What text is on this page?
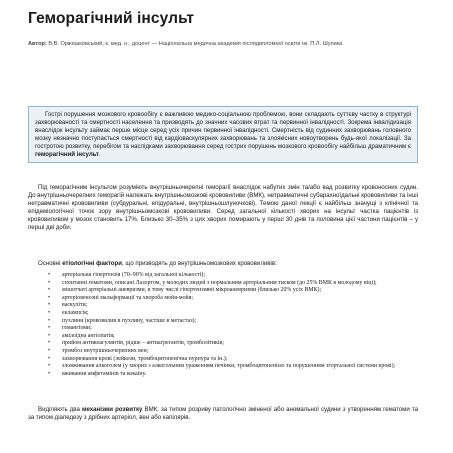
Геморагічний інсульт
Автор: В.В. Оржешковський, к. мед. н., доцент — Національна медична академія післядипломної освіти ім. П.Л. Шупика

Гострі порушення мозкового кровообігу є важливою медико-соціальною проблемою, вони складають суттєву частку в структурі захворюваності та смертності населення та призводять до значних часових втрат та первинної інвалідності. Зокрема інвалідизація внаслідок інсульту займає перше місце серед усіх причин первинної інвалідності. Смертність від судинних захворювань головного мозку незначно поступається смертності від кардіоваскулярних захворювань та злоякісних новоутворень будь-якої локалізації. За гостротою розвитку, перебігом та наслідками захворювання серед гострих порушень мозкового кровообігу найбільш драматичним є геморагічний інсульт.

Під геморагічним інсультом розуміють внутрішньочерепні геморагії внаслідок набутих змін та/або вад розвитку кровоносних судин. До внутрішньочерепних геморагій належать внутрішньомозкові крововиливи (ВМК), нетравматичні субарахноїдальні крововиливи та інші нетравматичні крововиливи (субдуральні, епідуральні, внутрішньошлуночкові). Темою даної лекції є найбільш значущі з клінічної та епідеміологічної точок зору внутрішньомозкові крововиливи. Серед загальної кількості хворих на інсульт частка пацієнтів із крововиливом у мозок становить 17%. Близько 30–35% з цих хворих помирають у перші 30 днів та половина цієї частини пацієнтів – у перші дві доби.

Основні етіологічні фактори, що призводять до внутрішньомозкових крововиливів:

• артеріальна гіпертензія (70–90% від загальної кількості);
• спонтанні гематоми, описані Лазортом, у молодих людей з нормальним артеріальним тиском (до 25% ВМК в молодому віці);
• мішотчаті артеріальні аневризми, в тому числі гіпертензивні мікроаневризми (близько 20% усіх ВМК);
• артеріовенозні мальформації та хвороба мойя-мойя;
• васкуліти;
• еклампсія;
• пухлини (крововилив в пухлину, частіше в метастаз);
• гемангіоми;
• амілоїдна ангіопатія;
• прийом антикоагулянтів, рідше – антиагрегантів, тромболітиків;
• тромбоз внутрішньочерепних вен;
• захворювання крові (лейкози, тромбоцитопенічна пурпура та ін.);
• зловживання алкоголем (у хворих з алкогольним ураженням печінки, тромбоцитопенією та порушенням згортальної системи крові);
• вживання амфетамінів та кокаїну.

Виділяють два механізми розвитку ВМК: за типом розриву патологічно зміненої або аномальної судини з утворенням гематоми та за типом діапедезу з дрібних артеріол, вен або капілярів.
